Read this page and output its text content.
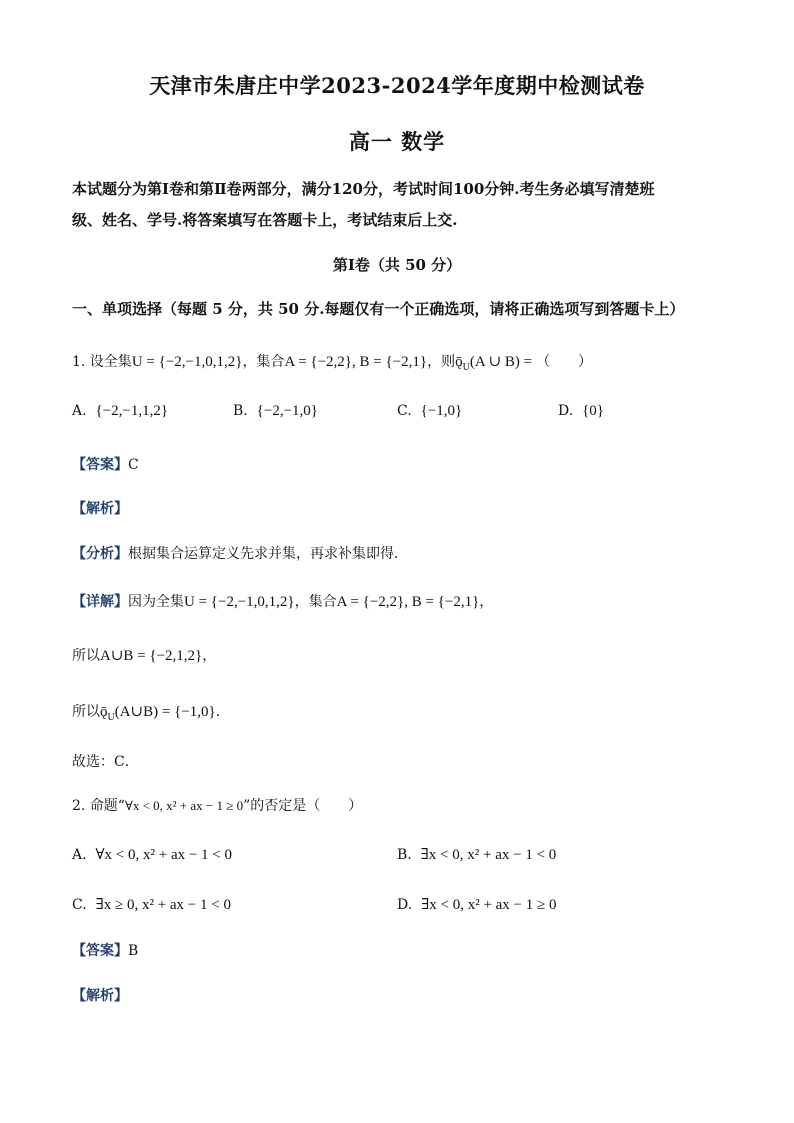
天津市朱唐庄中学2023-2024学年度期中检测试卷
高一 数学
本试题分为第Ⅰ卷和第Ⅱ卷两部分，满分120分，考试时间100分钟.考生务必填写清楚班
级、姓名、学号.将答案填写在答题卡上，考试结束后上交.
第Ⅰ卷（共 50 分）
一、单项选择（每题 5 分，共 50 分.每题仅有一个正确选项，请将正确选项写到答题卡上）
1. 设全集U = {−2,−1,0,1,2}，集合A = {−2,2}, B = {−2,1}，则$ǭ_U(A$ ∪ B) = （　　）
A. {−2,−1,1,2}	B. {−2,−1,0}	C. {−1,0}	D. {0}
【答案】C
【解析】
【分析】根据集合运算定义先求并集，再求补集即得．
【详解】因为全集U = {−2,−1,0,1,2}，集合A = {−2,2}, B = {−2,1}，
所以A∪B = {−2,1,2}，
所以$ǭ_U(A\cup B) = \{-1,0\}$．
故选：C．
2. 命题“∀x < 0, x² + ax − 1 ≥ 0”的否定是（　　）
A. ∀x < 0, x² + ax − 1 < 0	B. ∃x < 0, x² + ax − 1 < 0
C. ∃x ≥ 0, x² + ax − 1 < 0	D. ∃x < 0, x² + ax − 1 ≥ 0
【答案】B
【解析】
